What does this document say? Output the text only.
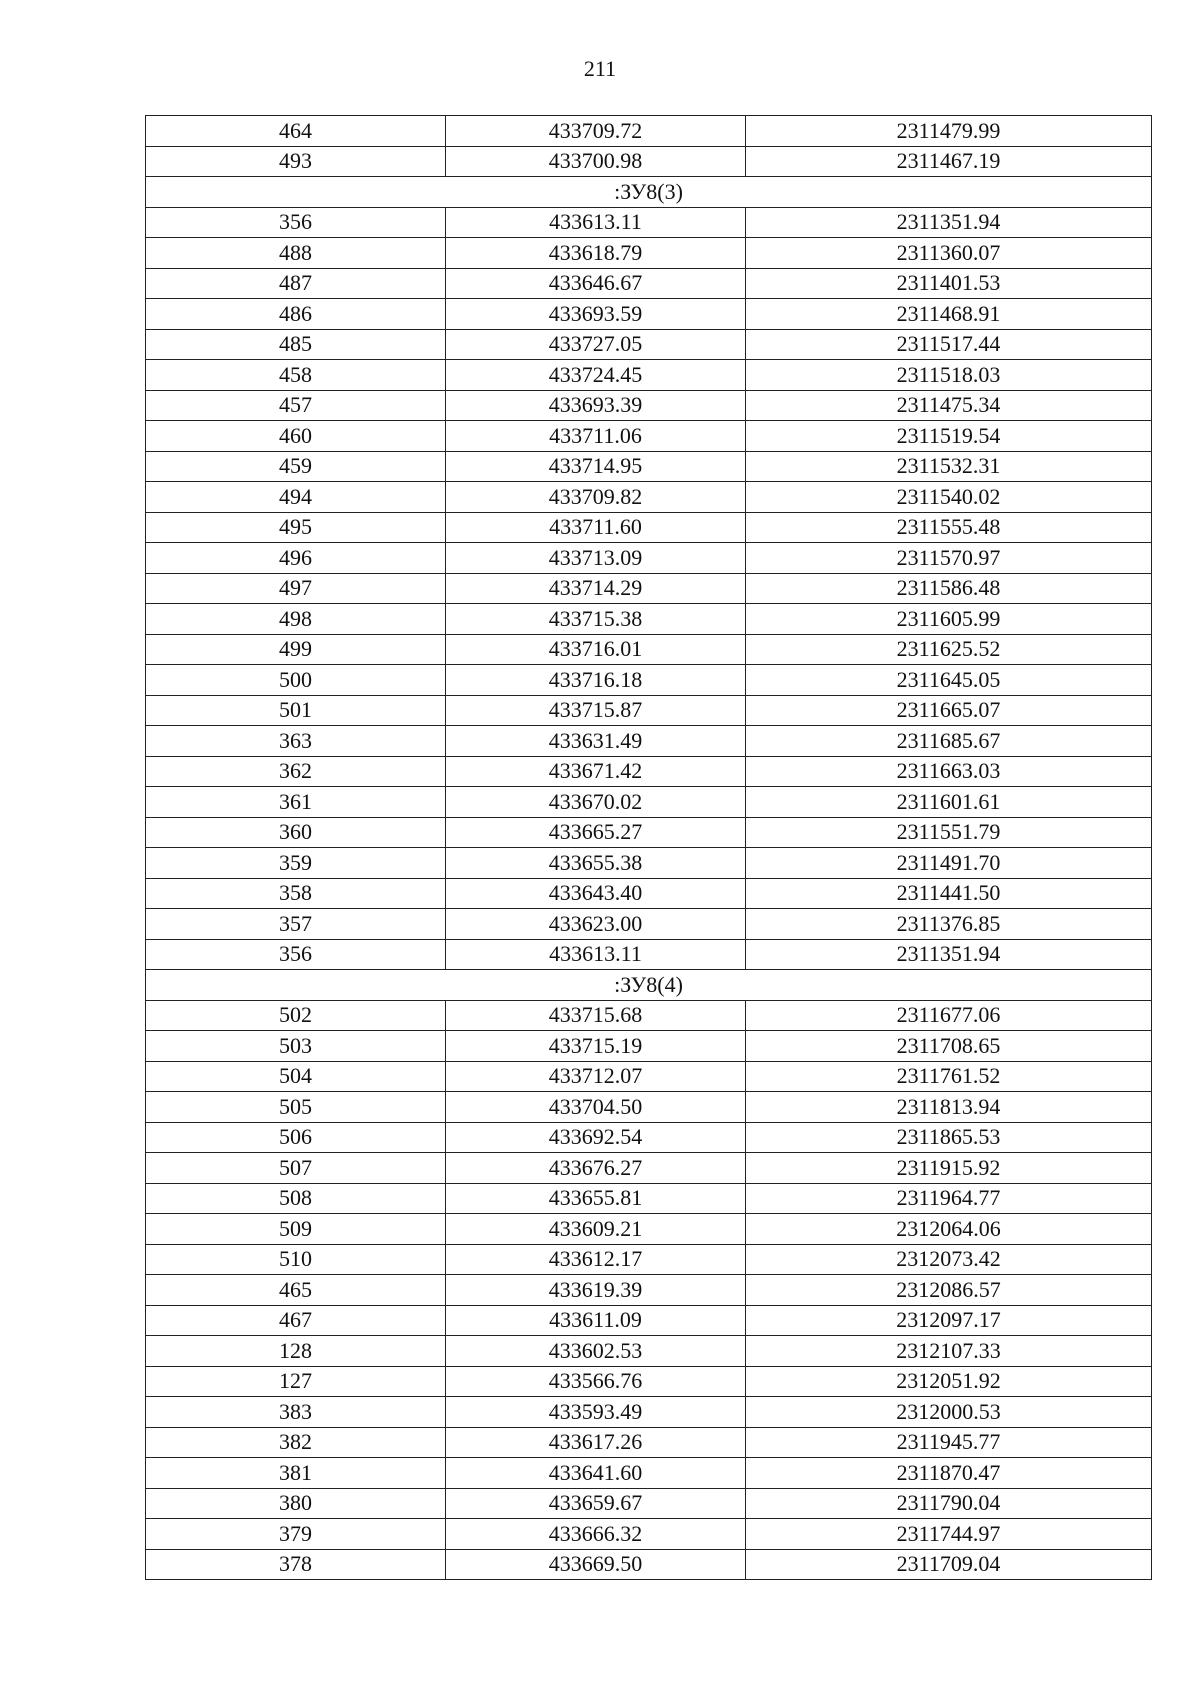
211
464	433709.72	2311479.99
493	433700.98	2311467.19
:ЗУ8(3)		
356	433613.11	2311351.94
488	433618.79	2311360.07
487	433646.67	2311401.53
486	433693.59	2311468.91
485	433727.05	2311517.44
458	433724.45	2311518.03
457	433693.39	2311475.34
460	433711.06	2311519.54
459	433714.95	2311532.31
494	433709.82	2311540.02
495	433711.60	2311555.48
496	433713.09	2311570.97
497	433714.29	2311586.48
498	433715.38	2311605.99
499	433716.01	2311625.52
500	433716.18	2311645.05
501	433715.87	2311665.07
363	433631.49	2311685.67
362	433671.42	2311663.03
361	433670.02	2311601.61
360	433665.27	2311551.79
359	433655.38	2311491.70
358	433643.40	2311441.50
357	433623.00	2311376.85
356	433613.11	2311351.94
:ЗУ8(4)		
502	433715.68	2311677.06
503	433715.19	2311708.65
504	433712.07	2311761.52
505	433704.50	2311813.94
506	433692.54	2311865.53
507	433676.27	2311915.92
508	433655.81	2311964.77
509	433609.21	2312064.06
510	433612.17	2312073.42
465	433619.39	2312086.57
467	433611.09	2312097.17
128	433602.53	2312107.33
127	433566.76	2312051.92
383	433593.49	2312000.53
382	433617.26	2311945.77
381	433641.60	2311870.47
380	433659.67	2311790.04
379	433666.32	2311744.97
378	433669.50	2311709.04
